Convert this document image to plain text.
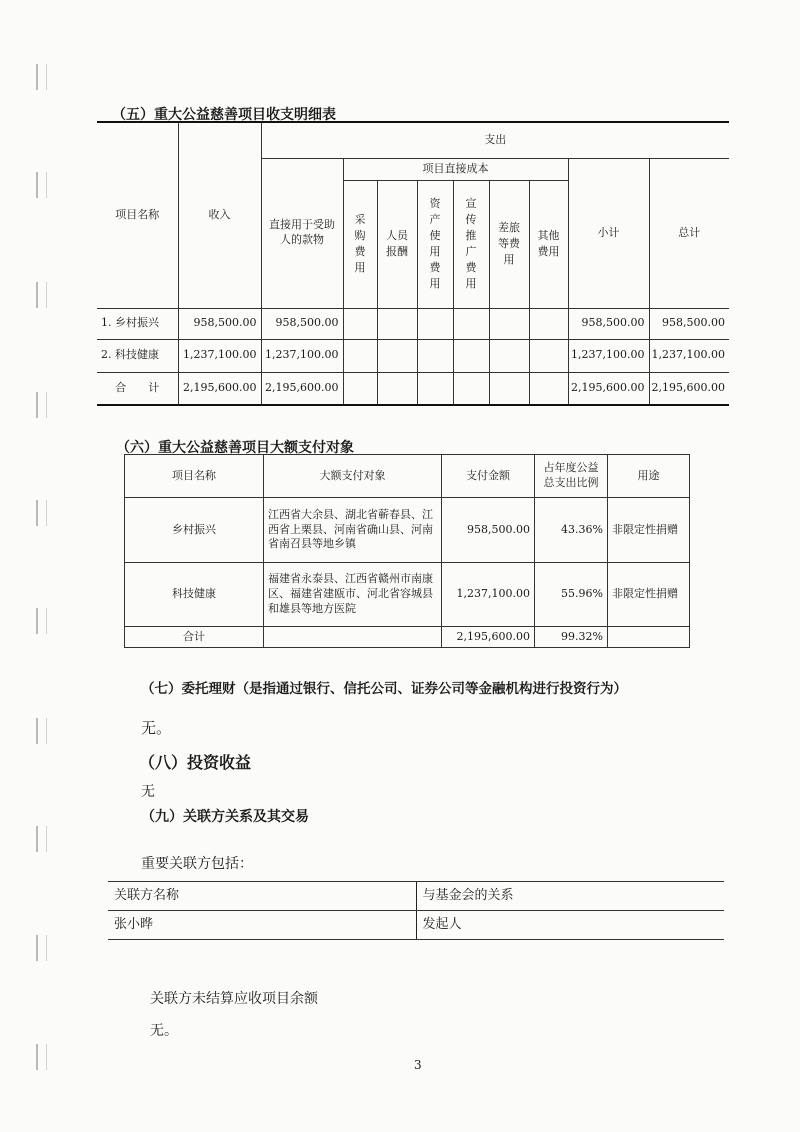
（五）重大公益慈善项目收支明细表
项目名称	收入	支出								
		直接用于受助人的款物	项目直接成本						小计	总计
			采购费用	人员报酬	资产使用费用	宣传推广费用	差旅等费用	其他费用		
1. 乡村振兴	958,500.00	958,500.00							958,500.00	958,500.00
2. 科技健康	1,237,100.00	1,237,100.00							1,237,100.00	1,237,100.00
合　　计	2,195,600.00	2,195,600.00							2,195,600.00	2,195,600.00
（六）重大公益慈善项目大额支付对象
项目名称	大额支付对象	支付金额	占年度公益总支出比例	用途
乡村振兴	江西省大余县、湖北省蕲春县、江西省上栗县、河南省确山县、河南省南召县等地乡镇	958,500.00	43.36%	非限定性捐赠
科技健康	福建省永泰县、江西省赣州市南康区、福建省建瓯市、河北省容城县和雄县等地方医院	1,237,100.00	55.96%	非限定性捐赠
合计		2,195,600.00	99.32%	
（七）委托理财（是指通过银行、信托公司、证券公司等金融机构进行投资行为）
无。
（八）投资收益
无
（九）关联方关系及其交易
重要关联方包括：
关联方名称	与基金会的关系
张小晔	发起人
关联方未结算应收项目余额
无。
3
